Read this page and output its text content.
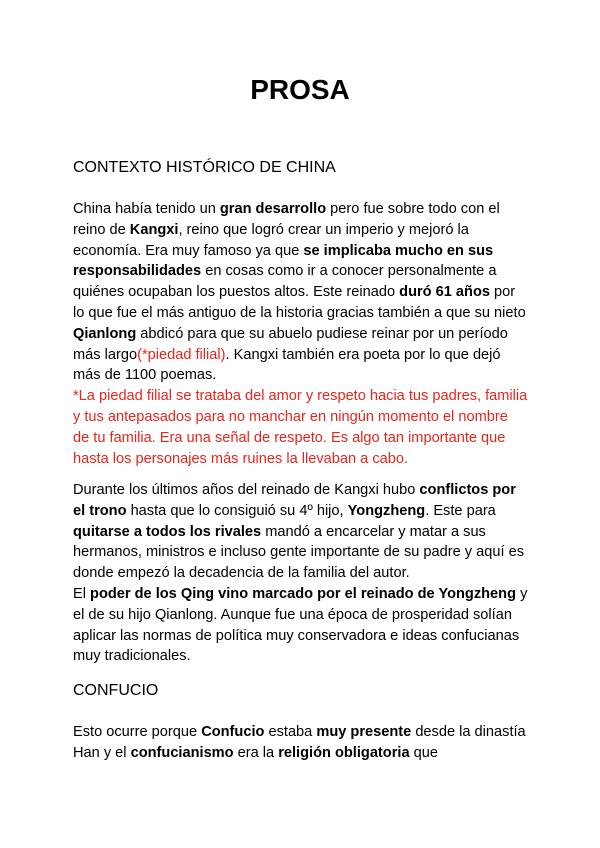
PROSA
CONTEXTO HISTÓRICO DE CHINA

China había tenido un gran desarrollo pero fue sobre todo con el reino de Kangxi, reino que logró crear un imperio y mejoró la economía. Era muy famoso ya que se implicaba mucho en sus responsabilidades en cosas como ir a conocer personalmente a quiénes ocupaban los puestos altos. Este reinado duró 61 años por lo que fue el más antiguo de la historia gracias también a que su nieto Qianlong abdicó para que su abuelo pudiese reinar por un período más largo(*piedad filial). Kangxi también era poeta por lo que dejó más de 1100 poemas.
*La piedad filial se trataba del amor y respeto hacia tus padres, familia y tus antepasados para no manchar en ningún momento el nombre de tu familia. Era una señal de respeto. Es algo tan importante que hasta los personajes más ruines la llevaban a cabo.

Durante los últimos años del reinado de Kangxi hubo conflictos por el trono hasta que lo consiguió su 4º hijo, Yongzheng. Este para quitarse a todos los rivales mandó a encarcelar y matar a sus hermanos, ministros e incluso gente importante de su padre y aquí es donde empezó la decadencia de la familia del autor.
El poder de los Qing vino marcado por el reinado de Yongzheng y el de su hijo Qianlong. Aunque fue una época de prosperidad solían aplicar las normas de política muy conservadora e ideas confucianas muy tradicionales.

CONFUCIO

Esto ocurre porque Confucio estaba muy presente desde la dinastía Han y el confucianismo era la religión obligatoria que
